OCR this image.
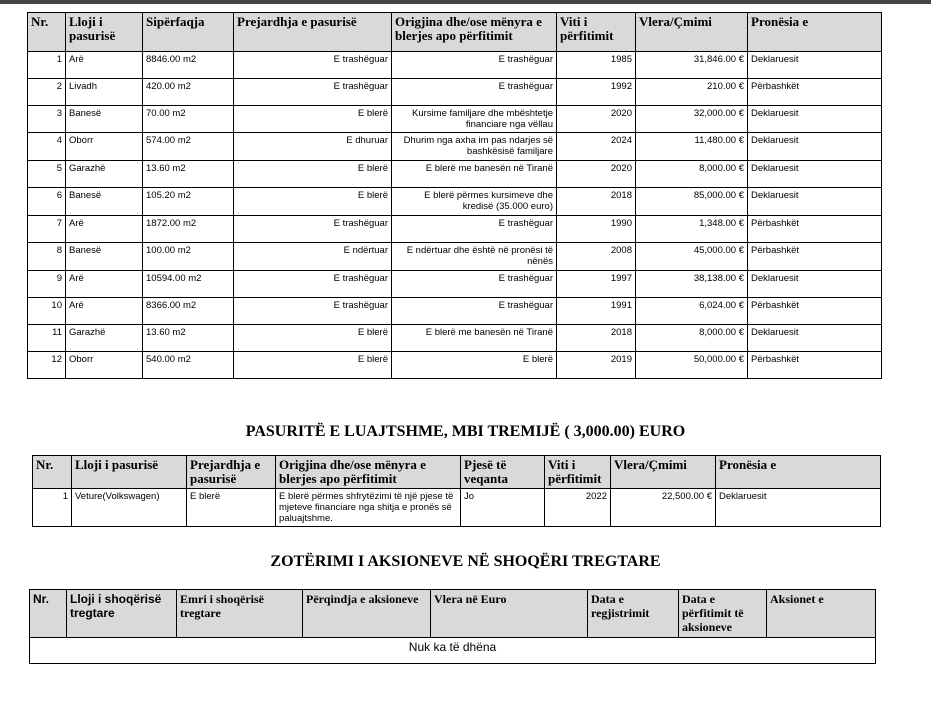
Nr.	Lloji i pasurisë	Sipërfaqja	Prejardhja e pasurisë	Origjina dhe/ose mënyra e blerjes apo përfitimit	Viti i përfitimit	Vlera/Çmimi	Pronësia e
1	Arë	8846.00 m2	E trashëguar	E trashëguar	1985	31,846.00 €	Deklaruesit
2	Livadh	420.00 m2	E trashëguar	E trashëguar	1992	210.00 €	Përbashkët
3	Banesë	70.00 m2	E blerë	Kursime familjare dhe mbështetje financiare nga vëllau	2020	32,000.00 €	Deklaruesit
4	Oborr	574.00 m2	E dhuruar	Dhurim nga axha im pas ndarjes së bashkësisë familjare	2024	11,480.00 €	Deklaruesit
5	Garazhë	13.60 m2	E blerë	E blerë me banesën në Tiranë	2020	8,000.00 €	Deklaruesit
6	Banesë	105.20 m2	E blerë	E blerë përmes kursimeve dhe kredisë (35.000 euro)	2018	85,000.00 €	Deklaruesit
7	Arë	1872.00 m2	E trashëguar	E trashëguar	1990	1,348.00 €	Përbashkët
8	Banesë	100.00 m2	E ndërtuar	E ndërtuar dhe është në pronësi të nënës	2008	45,000.00 €	Përbashkët
9	Arë	10594.00 m2	E trashëguar	E trashëguar	1997	38,138.00 €	Deklaruesit
10	Arë	8366.00 m2	E trashëguar	E trashëguar	1991	6,024.00 €	Përbashkët
11	Garazhë	13.60 m2	E blerë	E blerë me banesën në Tiranë	2018	8,000.00 €	Deklaruesit
12	Oborr	540.00 m2	E blerë	E blerë	2019	50,000.00 €	Përbashkët
PASURITË E LUAJTSHME, MBI TREMIJË ( 3,000.00) EURO
Nr.	Lloji i pasurisë	Prejardhja e pasurisë	Origjina dhe/ose mënyra e blerjes apo përfitimit	Pjesë të veqanta	Viti i përfitimit	Vlera/Çmimi	Pronësia e
1	Veture(Volkswagen)	E blerë	E blerë përmes shfrytëzimi të një pjese të mjeteve financiare nga shitja e pronës së paluajtshme.	Jo	2022	22,500.00 €	Deklaruesit
ZOTËRIMI I AKSIONEVE NË SHOQËRI TREGTARE
Nr.	Lloji i shoqërisë tregtare	Emri i shoqërisë tregtare	Përqindja e aksioneve	Vlera në Euro	Data e regjistrimit	Data e përfitimit të aksioneve	Aksionet e
Nuk ka të dhëna
